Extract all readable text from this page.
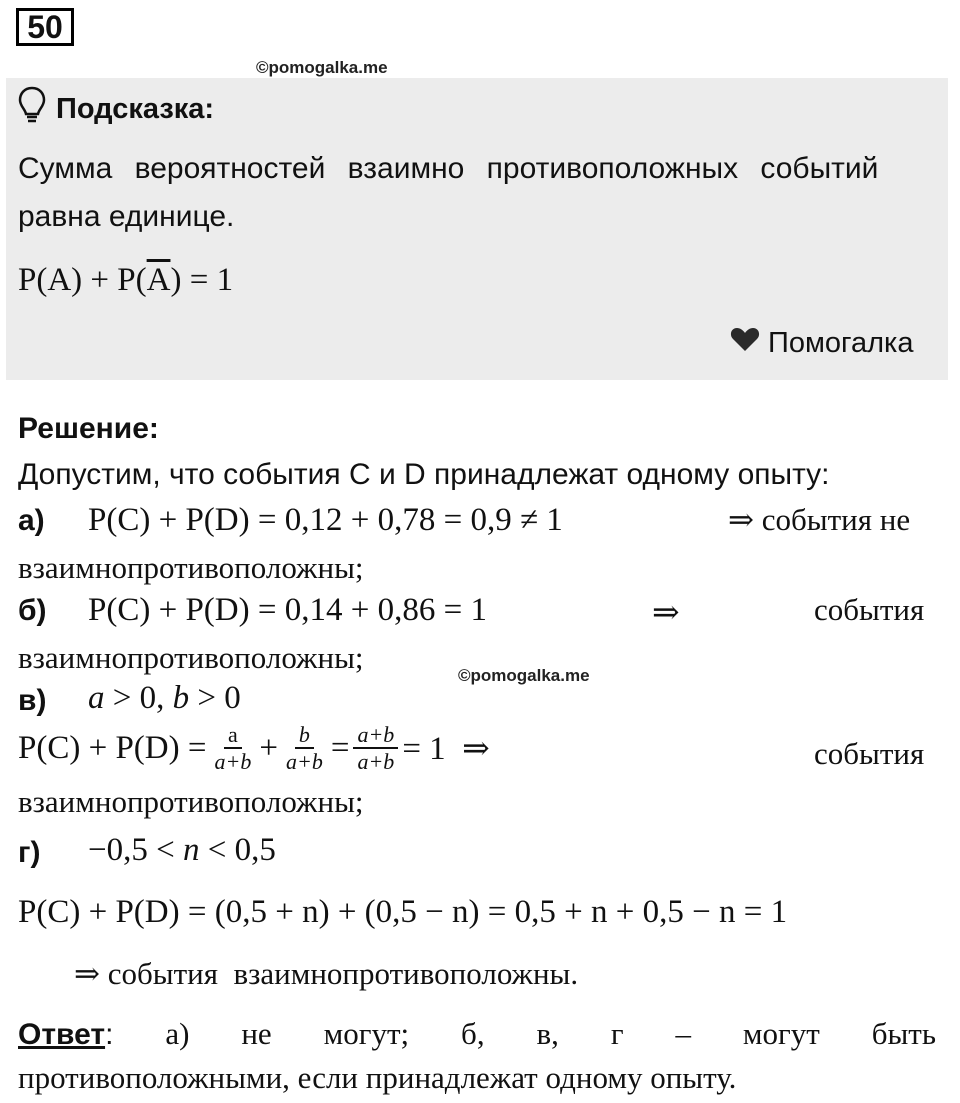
50
©pomogalka.me
Подсказка:
Сумма вероятностей взаимно противоположных событий
равна единице.
$P(A) + P(\overline{A}) = 1$
Помогалка
Решение:
Допустим, что события C и D принадлежат одному опыту:
а) P(C) + P(D) = 0,12 + 0,78 = 0,9 ≠ 1	⇒ события не
взаимнопротивоположны;
б) P(C) + P(D) = 0,14 + 0,86 = 1	⇒	события
взаимнопротивоположны;
©pomogalka.me
в) a > 0, b > 0
$P(C) + P(D) = \frac{a}{a+b} + \frac{b}{a+b} = \frac{a+b}{a+b} = 1$  ⇒	события
взаимнопротивоположны;
г) −0,5 < n < 0,5
P(C) + P(D) = (0,5 + n) + (0,5 − n) = 0,5 + n + 0,5 − n = 1
⇒ события  взаимнопротивоположны.
Ответ: а) не могут; б, в, г – могут быть
противоположными, если принадлежат одному опыту.
